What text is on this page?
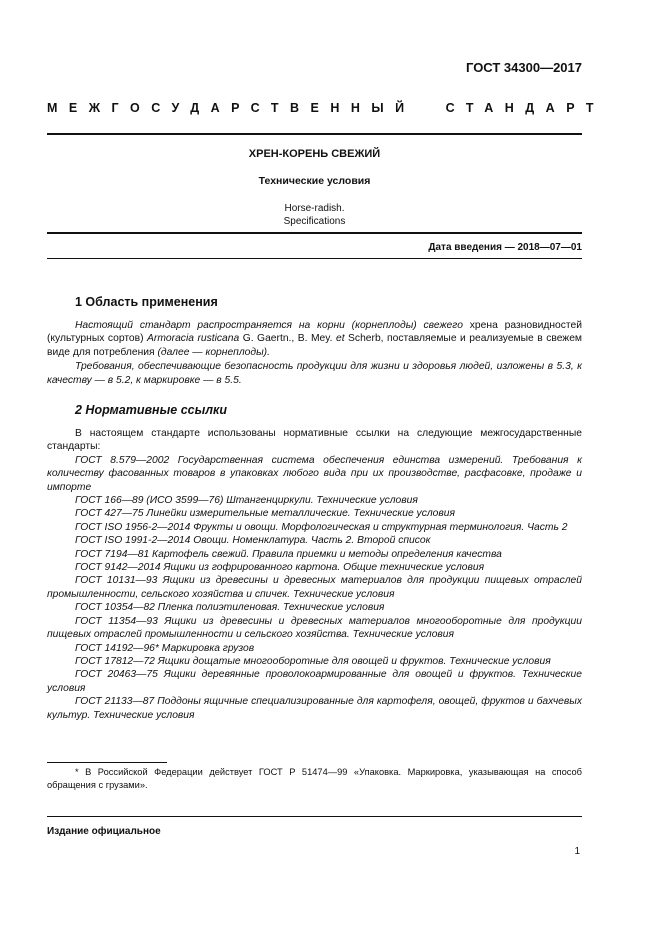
ГОСТ 34300—2017
МЕЖГОСУДАРСТВЕННЫЙ СТАНДАРТ
ХРЕН-КОРЕНЬ СВЕЖИЙ
Технические условия
Horse-radish.
Specifications
Дата введения — 2018—07—01
1 Область применения

Настоящий стандарт распространяется на корни (корнеплоды) свежего хрена разновидностей (культурных сортов) Armoracia rusticana G. Gaertn., B. Mey. et Scherb, поставляемые и реализуемые в свежем виде для потребления (далее — корнеплоды).

Требования, обеспечивающие безопасность продукции для жизни и здоровья людей, изложены в 5.3, к качеству — в 5.2, к маркировке — в 5.5.

2 Нормативные ссылки

В настоящем стандарте использованы нормативные ссылки на следующие межгосударственные стандарты:

ГОСТ 8.579—2002 Государственная система обеспечения единства измерений. Требования к количеству фасованных товаров в упаковках любого вида при их производстве, расфасовке, продаже и импорте

ГОСТ 166—89 (ИСО 3599—76) Штангенциркули. Технические условия

ГОСТ 427—75 Линейки измерительные металлические. Технические условия

ГОСТ ISO 1956-2—2014 Фрукты и овощи. Морфологическая и структурная терминология. Часть 2

ГОСТ ISO 1991-2—2014 Овощи. Номенклатура. Часть 2. Второй список

ГОСТ 7194—81 Картофель свежий. Правила приемки и методы определения качества

ГОСТ 9142—2014 Ящики из гофрированного картона. Общие технические условия

ГОСТ 10131—93 Ящики из древесины и древесных материалов для продукции пищевых отраслей промышленности, сельского хозяйства и спичек. Технические условия

ГОСТ 10354—82 Пленка полиэтиленовая. Технические условия

ГОСТ 11354—93 Ящики из древесины и древесных материалов многооборотные для продукции пищевых отраслей промышленности и сельского хозяйства. Технические условия

ГОСТ 14192—96* Маркировка грузов

ГОСТ 17812—72 Ящики дощатые многооборотные для овощей и фруктов. Технические условия

ГОСТ 20463—75 Ящики деревянные проволокоармированные для овощей и фруктов. Технические условия

ГОСТ 21133—87 Поддоны ящичные специализированные для картофеля, овощей, фруктов и бахчевых культур. Технические условия

* В Российской Федерации действует ГОСТ Р 51474—99 «Упаковка. Маркировка, указывающая на способ обращения с грузами».

Издание официальное
1
